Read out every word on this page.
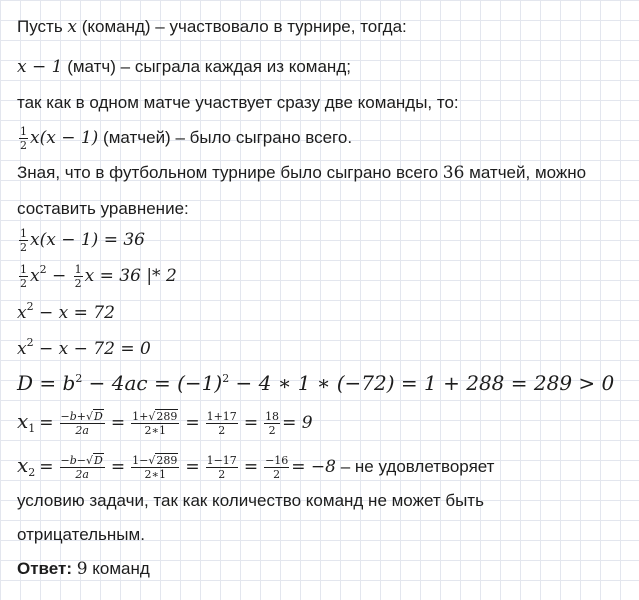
Пусть x (команд) – участвовало в турнире, тогда:
x − 1 (матч) – сыграла каждая из команд;
так как в одном матче участвует сразу две команды, то:
$\frac{1}{2} x(x - 1)$ (матчей) – было сыграно всего.
Зная, что в футбольном турнире было сыграно всего 36 матчей, можно
составить уравнение:
$\frac{1}{2} x(x - 1) = 36$
$\frac{1}{2} x^2 - \frac{1}{2}$ x = 36 |* 2
$x^2 - x = 72$
$x^2 - x - 72 = 0$
$D = b^2 - 4ac = (-1)^2 - 4$ ∗ 1 ∗ (−72) = 1 + 288 = 289 > 0
$x_1 = \frac{-b+√D}{2a} = \frac{1+√289}{2∗1} = \frac{1+17}{2} = \frac{18}{2} = 9$
$x_2 = \frac{-b-√D}{2a} = \frac{1-√289}{2∗1} = \frac{1-17}{2} = \frac{-16}{2} = -8$ – не удовлетворяет
условию задачи, так как количество команд не может быть
отрицательным.
Ответ: 9 команд
